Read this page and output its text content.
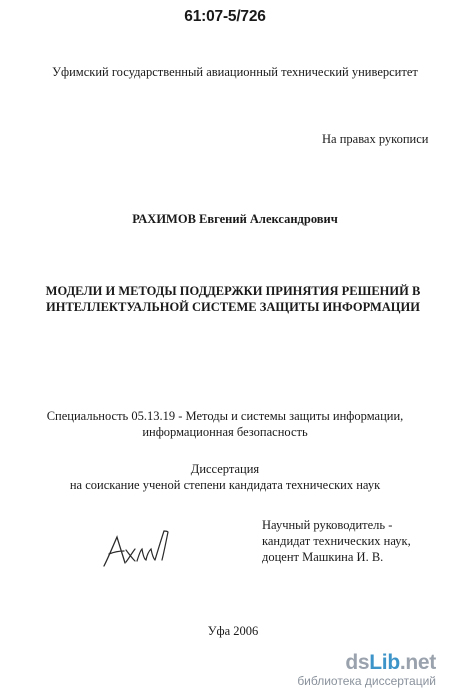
61:07-5/726
Уфимский государственный авиационный технический университет
На правах рукописи
РАХИМОВ Евгений Александрович
МОДЕЛИ И МЕТОДЫ ПОДДЕРЖКИ ПРИНЯТИЯ РЕШЕНИЙ В
ИНТЕЛЛЕКТУАЛЬНОЙ СИСТЕМЕ ЗАЩИТЫ ИНФОРМАЦИИ
Специальность 05.13.19 - Методы и системы защиты информации,
информационная безопасность
Диссертация
на соискание ученой степени кандидата технических наук
Научный руководитель -
кандидат технических наук,
доцент Машкина И. В.
Уфа 2006
dsLib.net
библиотека диссертаций
